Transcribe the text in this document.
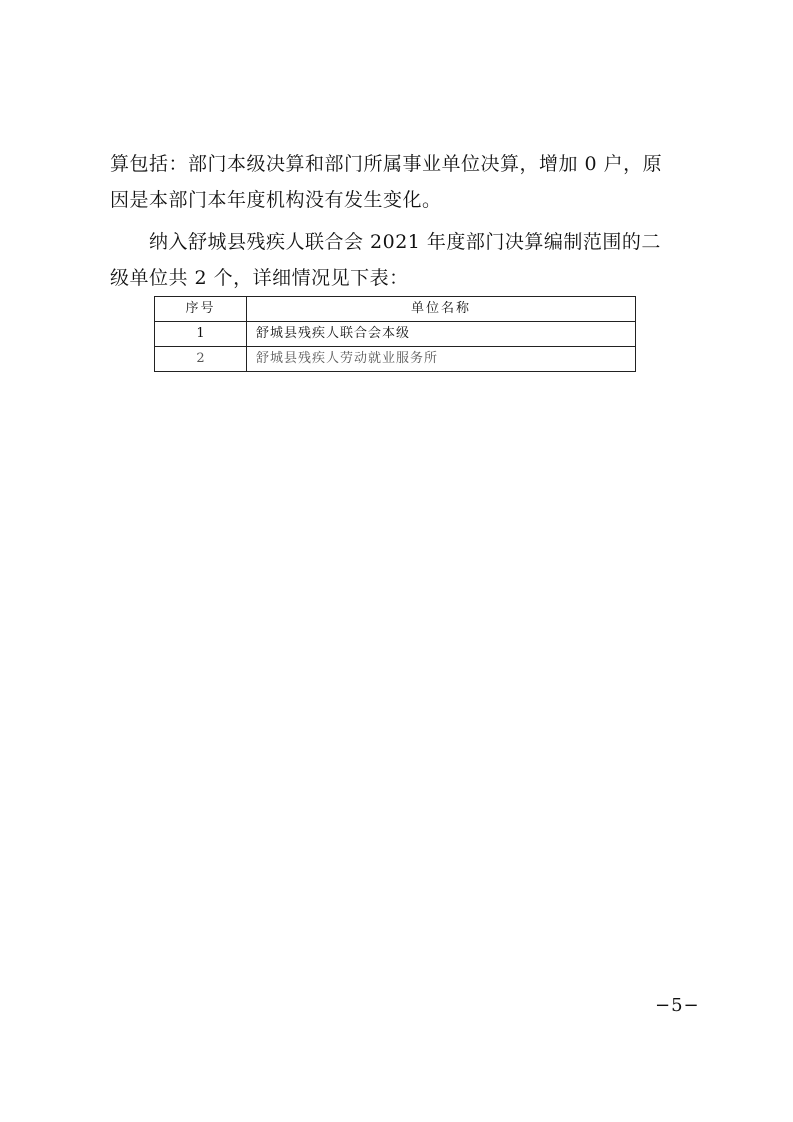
算包括：部门本级决算和部门所属事业单位决算，增加 0 户，原
因是本部门本年度机构没有发生变化。
　　纳入舒城县残疾人联合会 2021 年度部门决算编制范围的二
级单位共 2 个，详细情况见下表：
序号	单位名称
1	舒城县残疾人联合会本级
2	舒城县残疾人劳动就业服务所
−5−
